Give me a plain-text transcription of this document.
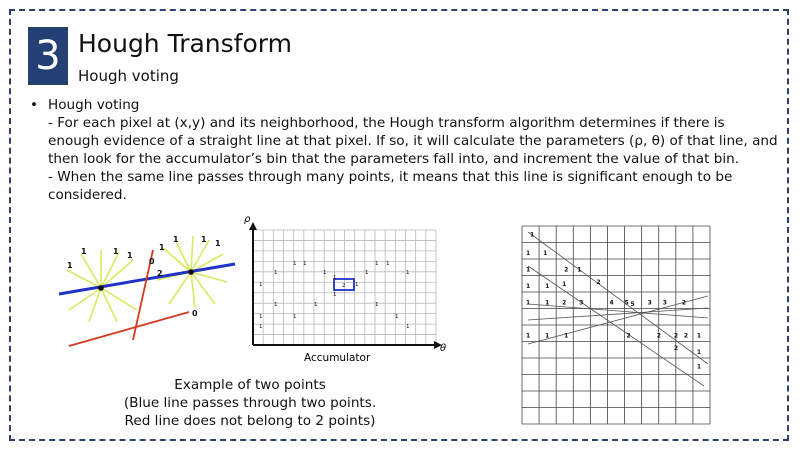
3 Hough Transform
Hough voting
• Hough voting

- For each pixel at (x,y) and its neighborhood, the Hough transform algorithm determines if there is enough evidence of a straight line at that pixel. If so, it will calculate the parameters (ρ, θ) of that line, and then look for the accumulator’s bin that the parameters fall into, and increment the value of that bin.

- When the same line passes through many points, it means that this line is significant enough to be considered.

1
1	1 1
1
1	1 1
0
2
0
ρ
θ
1 1	1 1
1	1	1	1
1
2
1	1
1
1	1	1
1	1	1
1	1
Accumulator
Example of two points
(Blue line passes through two points.
Red line does not belong to 2 points)
1
1 1
1	2 1
1 1 1	2
1 1 2 3	4 5 5 3 3 2
1 1 1	2	2 2	1
2
1
1
2
